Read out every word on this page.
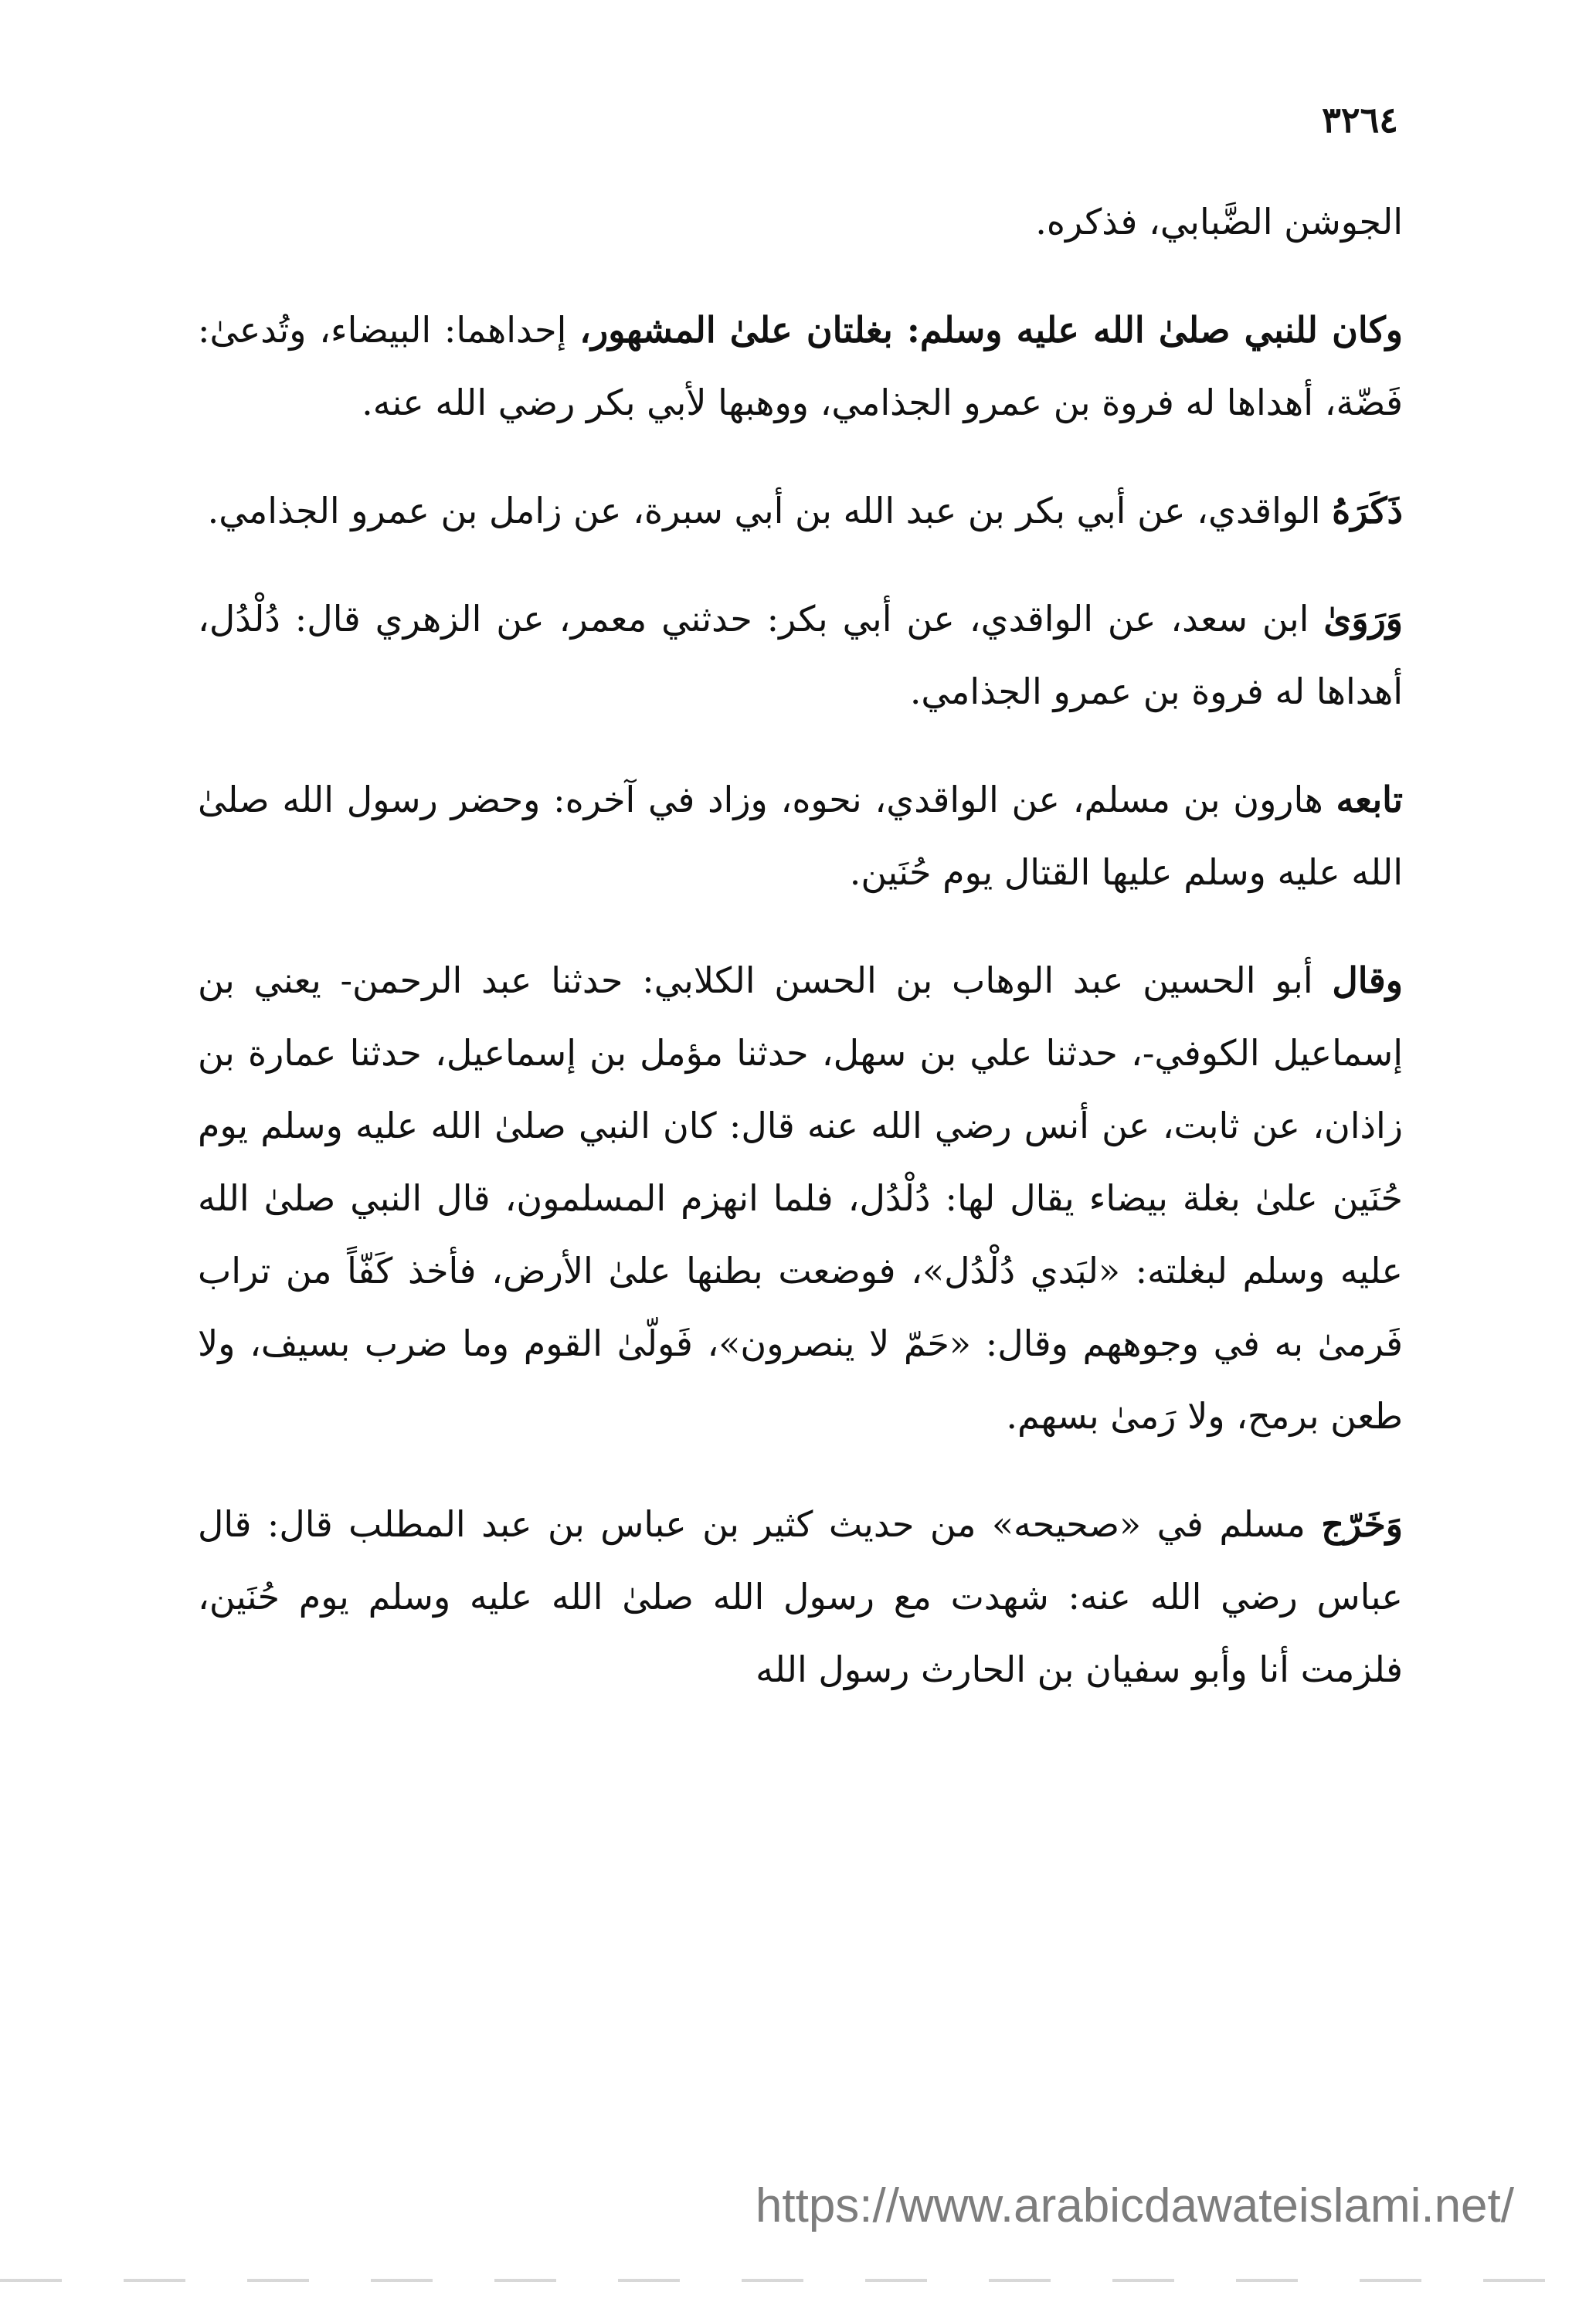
٣٢٦٤

الجوشن الضَّبابي، فذكره.

وكان للنبي صلىٰ الله عليه وسلم: بغلتان علىٰ المشهور، إحداهما: البيضاء، وتُدعىٰ: فَضّة، أهداها له فروة بن عمرو الجذامي، ووهبها لأبي بكر رضي الله عنه.

ذَكَرَهُ الواقدي، عن أبي بكر بن عبد الله بن أبي سبرة، عن زامل بن عمرو الجذامي.

وَرَوَىٰ ابن سعد، عن الواقدي، عن أبي بكر: حدثني معمر، عن الزهري قال: دُلْدُل، أهداها له فروة بن عمرو الجذامي.

تابعه هارون بن مسلم، عن الواقدي، نحوه، وزاد في آخره: وحضر رسول الله صلىٰ الله عليه وسلم عليها القتال يوم حُنَين.

وقال أبو الحسين عبد الوهاب بن الحسن الكلابي: حدثنا عبد الرحمن- يعني بن إسماعيل الكوفي-، حدثنا علي بن سهل، حدثنا مؤمل بن إسماعيل، حدثنا عمارة بن زاذان، عن ثابت، عن أنس رضي الله عنه قال: كان النبي صلىٰ الله عليه وسلم يوم حُنَين علىٰ بغلة بيضاء يقال لها: دُلْدُل، فلما انهزم المسلمون، قال النبي صلىٰ الله عليه وسلم لبغلته: «لبَدي دُلْدُل»، فوضعت بطنها علىٰ الأرض، فأخذ كَفّاً من تراب فَرمىٰ به في وجوههم وقال: «حَمّ لا ينصرون»، فَولّىٰ القوم وما ضرب بسيف، ولا طعن برمح، ولا رَمىٰ بسهم.

وَخَرّج مسلم في «صحيحه» من حديث كثير بن عباس بن عبد المطلب قال: قال عباس رضي الله عنه: شهدت مع رسول الله صلىٰ الله عليه وسلم يوم حُنَين، فلزمت أنا وأبو سفيان بن الحارث رسول الله

https://www.arabicdawateislami.net/
